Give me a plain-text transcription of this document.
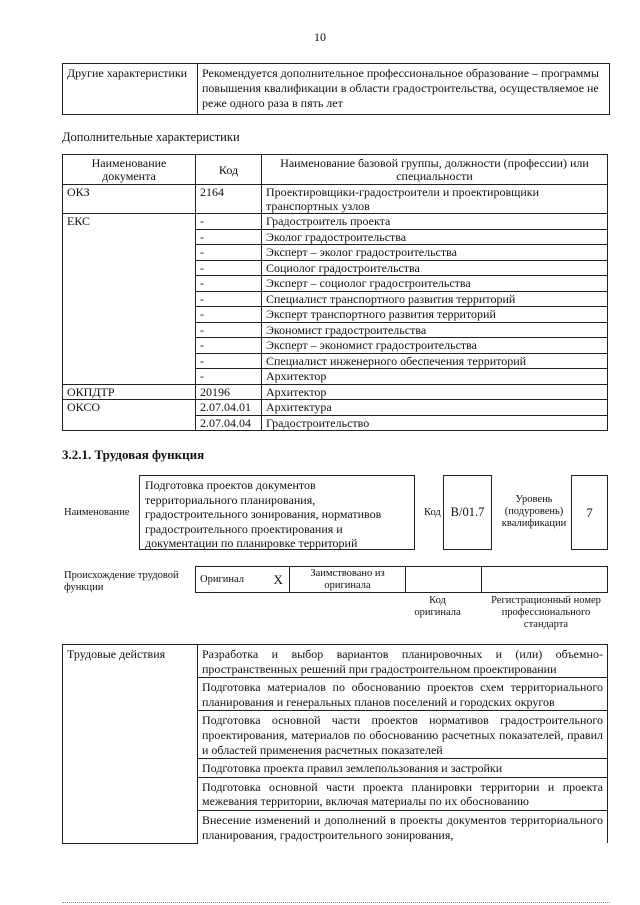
10
Другие характеристики	Рекомендуется дополнительное профессиональное образование – программы повышения квалификации в области градостроительства, осуществляемое не реже одного раза в пять лет
Дополнительные характеристики
Наименование документа	Код	Наименование базовой группы, должности (профессии) или специальности
ОКЗ	2164	Проектировщики-градостроители и проектировщики транспортных узлов
ЕКС	-	Градостроитель проекта
	-	Эколог градостроительства
	-	Эксперт – эколог градостроительства
	-	Социолог градостроительства
	-	Эксперт – социолог градостроительства
	-	Специалист транспортного развития территорий
	-	Эксперт транспортного развития территорий
	-	Экономист градостроительства
	-	Эксперт – экономист градостроительства
	-	Специалист инженерного обеспечения территорий
	-	Архитектор
ОКПДТР	20196	Архитектор
ОКСО	2.07.04.01	Архитектура
	2.07.04.04	Градостроительство
3.2.1. Трудовая функция
Наименование
Подготовка проектов документов территориального планирования, градостроительного зонирования, нормативов градостроительного проектирования и документации по планировке территорий
Код B/01.7
Уровень (подуровень) квалификации
7
Происхождение трудовой функции
Оригинал	X	Заимствовано из оригинала		
Код оригинала
Регистрационный номер профессионального стандарта
Трудовые действия	Разработка и выбор вариантов планировочных и (или) объемно-пространственных решений при градостроительном проектировании
Подготовка материалов по обоснованию проектов схем территориального планирования и генеральных планов поселений и городских округов
Подготовка основной части проектов нормативов градостроительного проектирования, материалов по обоснованию расчетных показателей, правил и областей применения расчетных показателей
Подготовка проекта правил землепользования и застройки
Подготовка основной части проекта планировки территории и проекта межевания территории, включая материалы по их обоснованию
Внесение изменений и дополнений в проекты документов территориального планирования, градостроительного зонирования,
